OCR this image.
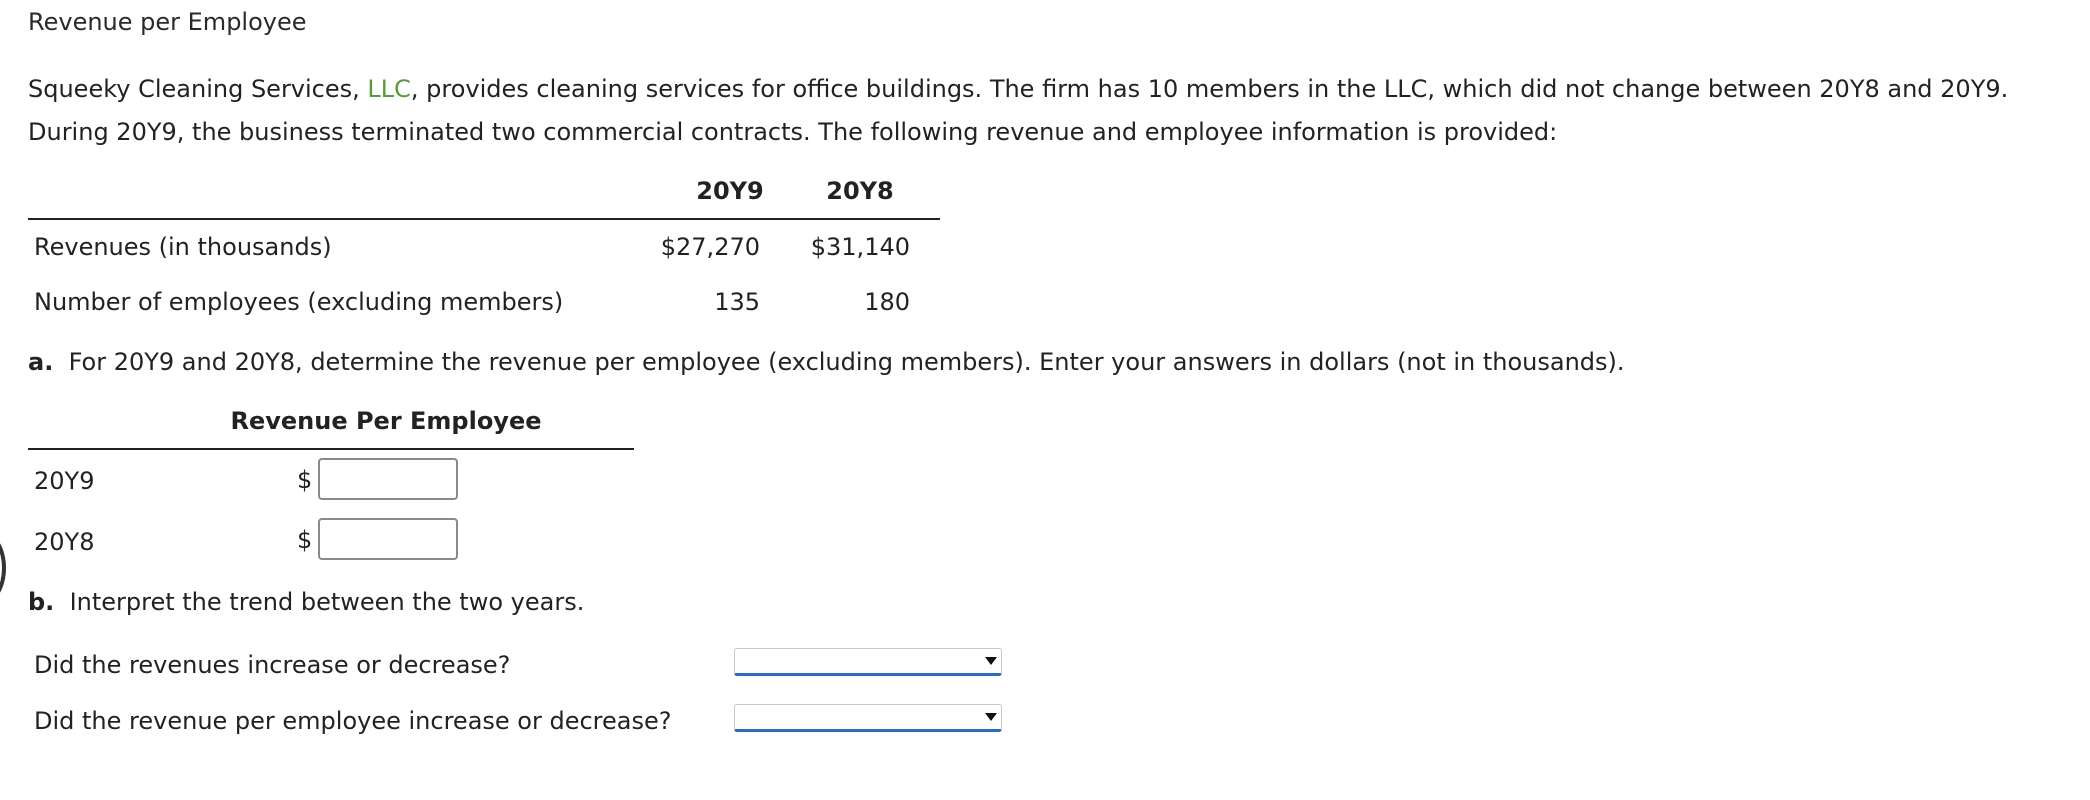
Revenue per Employee
Squeeky Cleaning Services, LLC, provides cleaning services for office buildings. The firm has 10 members in the LLC, which did not change between 20Y8 and 20Y9.
During 20Y9, the business terminated two commercial contracts. The following revenue and employee information is provided:
20Y9	20Y8
Revenues (in thousands)	$27,270	$31,140
Number of employees (excluding members)	135	180
a. For 20Y9 and 20Y8, determine the revenue per employee (excluding members). Enter your answers in dollars (not in thousands).
Revenue Per Employee
20Y9	$
20Y8	$
b. Interpret the trend between the two years.
Did the revenues increase or decrease?
Did the revenue per employee increase or decrease?
